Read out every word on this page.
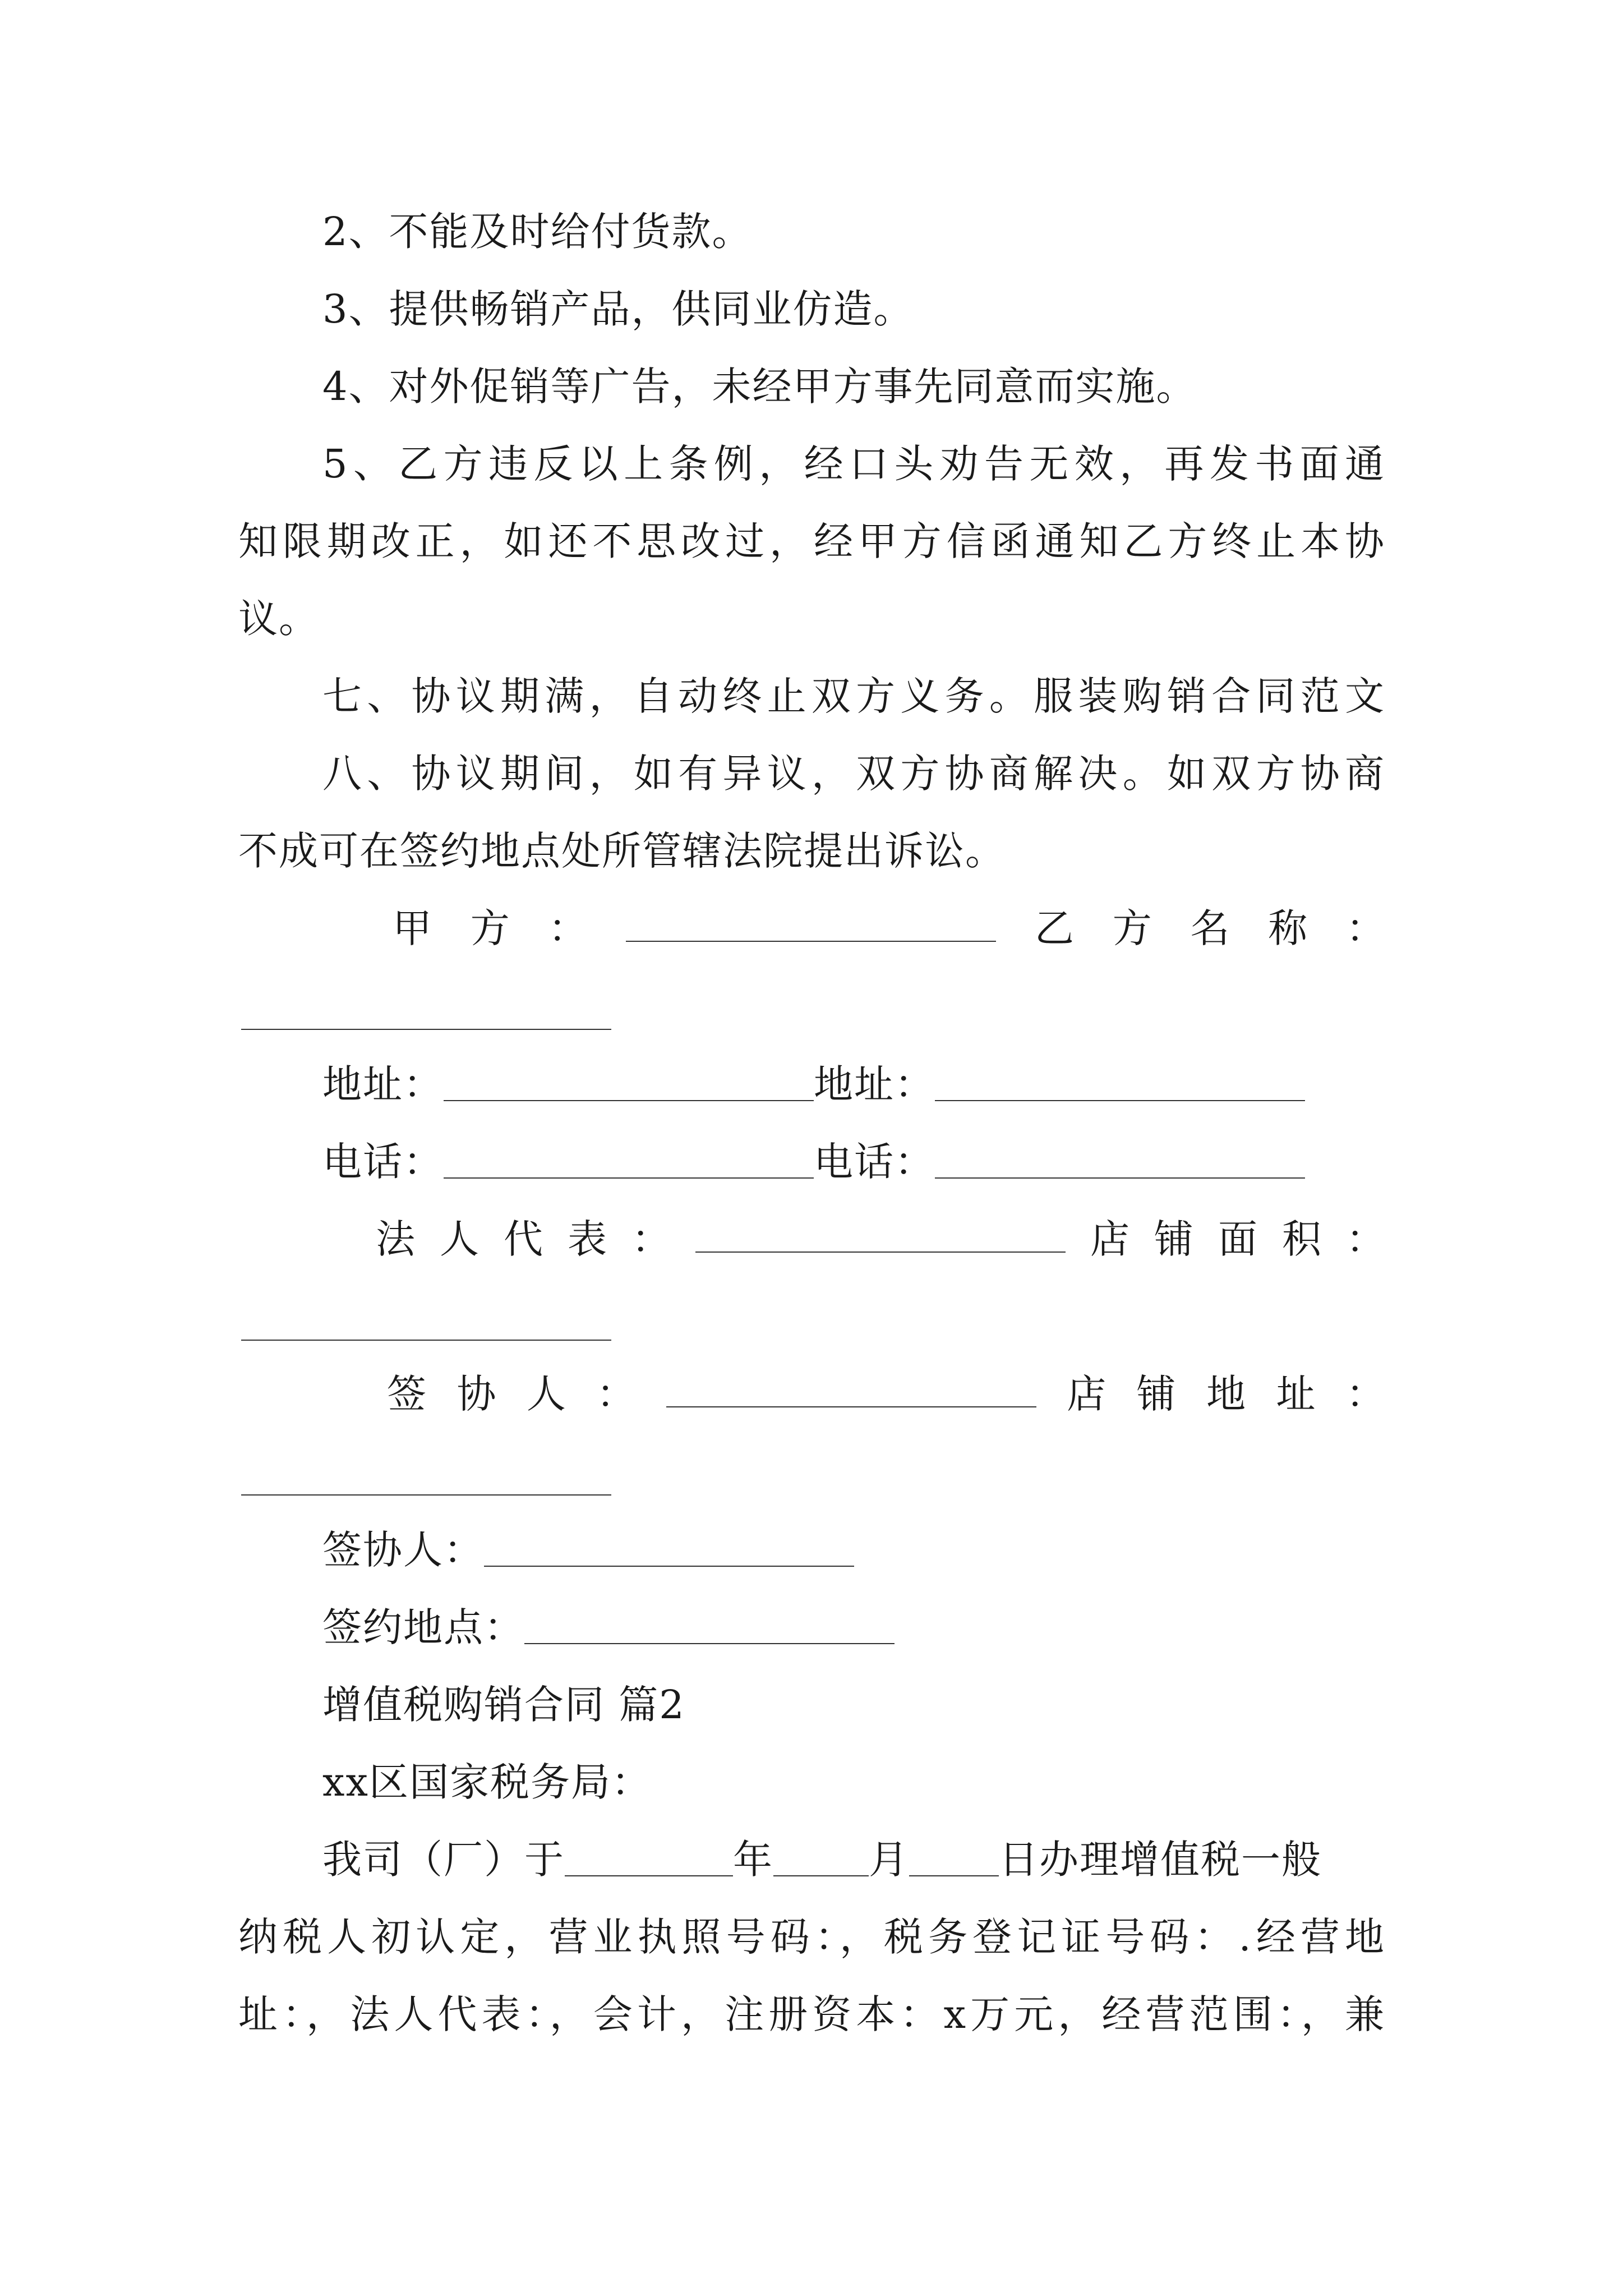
2、不能及时给付货款。
3、提供畅销产品，供同业仿造。
4、对外促销等广告，未经甲方事先同意而实施。
5、乙方违反以上条例，经口头劝告无效，再发书面通
知限期改正，如还不思改过，经甲方信函通知乙方终止本协
议。
七、协议期满，自动终止双方义务。服装购销合同范文
八、协议期间，如有异议，双方协商解决。如双方协商
不成可在签约地点处所管辖法院提出诉讼。
甲 方 ：	乙 方 名 称 ：
地址：	地址：
电话：	电话：
法 人 代 表 ：	店 铺 面 积 ：
签 协 人 ：	店 铺 地 址 ：
签协人：
签约地点：
增值税购销合同 篇2
xx区国家税务局：
我司（厂）于	年 月 日办理增值税一般
纳税人初认定，营业执照号码：，税务登记证号码：.经营地
址：，法人代表：，会计，注册资本：x万元，经营范围：，兼
